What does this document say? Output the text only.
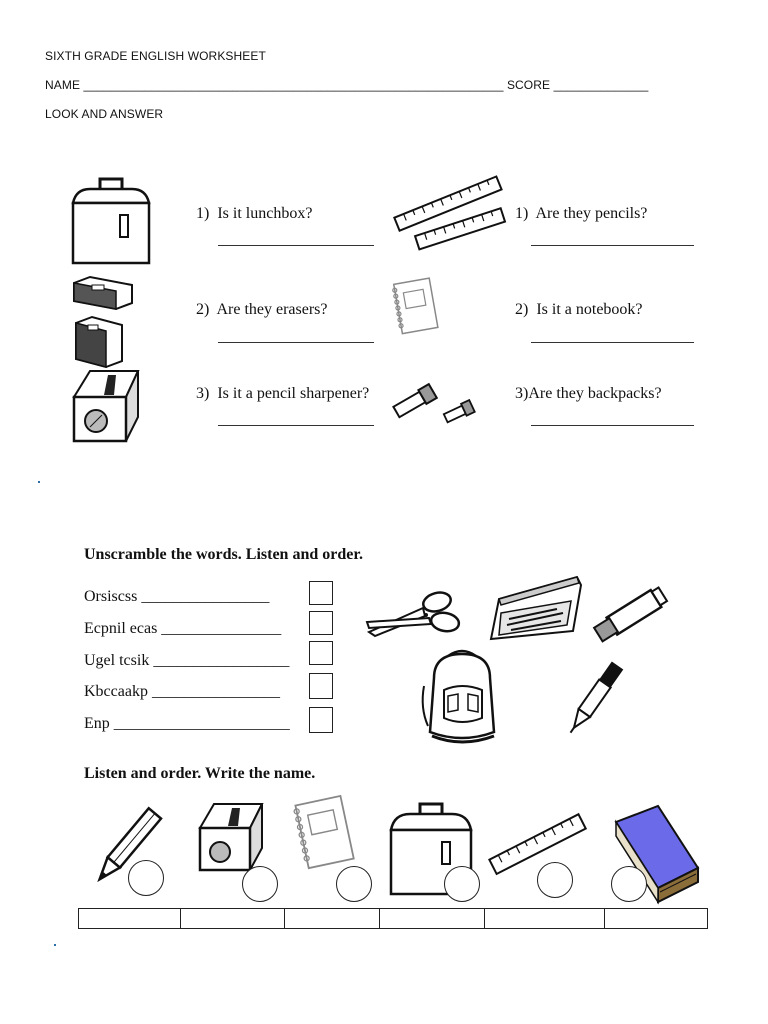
SIXTH GRADE ENGLISH WORKSHEET
NAME ______________________________________________________________ SCORE ______________
LOOK AND ANSWER
1) Is it lunchbox?
2) Are they erasers?
3) Is it a pencil sharpener?
1) Are they pencils?
2) Is it a notebook?
3)Are they backpacks?
Unscramble the words. Listen and order.
Orsiscss ________________
Ecpnil ecas _______________
Ugel tcsik _________________
Kbccaakp ________________
Enp ______________________
Listen and order. Write the name.
